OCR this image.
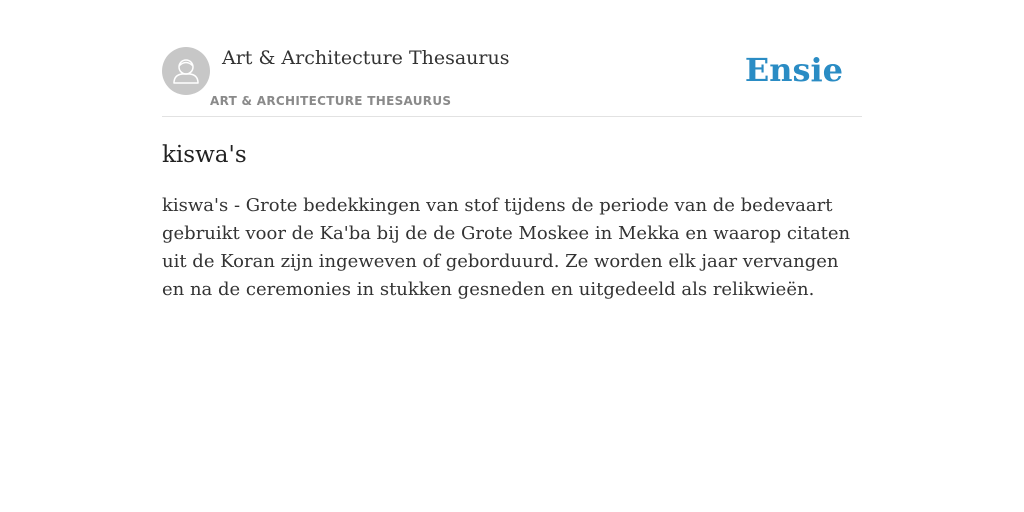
Art & Architecture Thesaurus
ART & ARCHITECTURE THESAURUS
Ensie
kiswa's

kiswa's - Grote bedekkingen van stof tijdens de periode van de bedevaart gebruikt voor de Ka'ba bij de de Grote Moskee in Mekka en waarop citaten uit de Koran zijn ingeweven of geborduurd. Ze worden elk jaar vervangen en na de ceremonies in stukken gesneden en uitgedeeld als relikwieën.
